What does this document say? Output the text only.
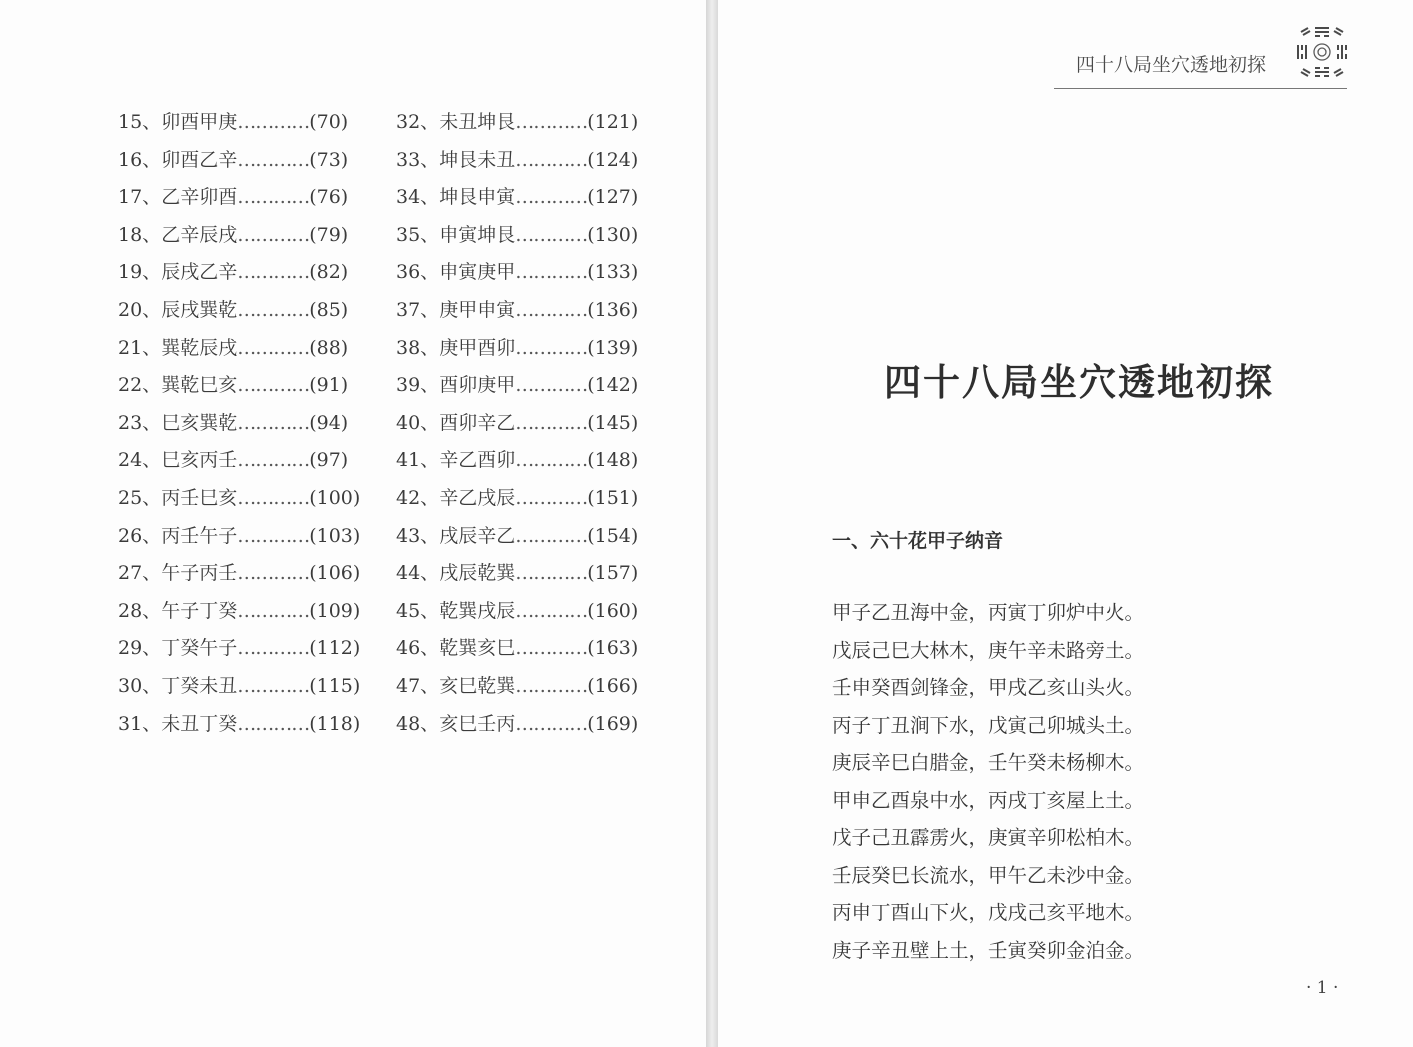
15、卯酉甲庚…………(70)
16、卯酉乙辛…………(73)
17、乙辛卯酉…………(76)
18、乙辛辰戌…………(79)
19、辰戌乙辛…………(82)
20、辰戌巽乾…………(85)
21、巽乾辰戌…………(88)
22、巽乾巳亥…………(91)
23、巳亥巽乾…………(94)
24、巳亥丙壬…………(97)
25、丙壬巳亥…………(100)
26、丙壬午子…………(103)
27、午子丙壬…………(106)
28、午子丁癸…………(109)
29、丁癸午子…………(112)
30、丁癸未丑…………(115)
31、未丑丁癸…………(118)
32、未丑坤艮…………(121)
33、坤艮未丑…………(124)
34、坤艮申寅…………(127)
35、申寅坤艮…………(130)
36、申寅庚甲…………(133)
37、庚甲申寅…………(136)
38、庚甲酉卯…………(139)
39、酉卯庚甲…………(142)
40、酉卯辛乙…………(145)
41、辛乙酉卯…………(148)
42、辛乙戌辰…………(151)
43、戌辰辛乙…………(154)
44、戌辰乾巽…………(157)
45、乾巽戌辰…………(160)
46、乾巽亥巳…………(163)
47、亥巳乾巽…………(166)
48、亥巳壬丙…………(169)
四十八局坐穴透地初探
四十八局坐穴透地初探
一、六十花甲子纳音
甲子乙丑海中金，丙寅丁卯炉中火。
戊辰己巳大林木，庚午辛未路旁土。
壬申癸酉剑锋金，甲戌乙亥山头火。
丙子丁丑涧下水，戊寅己卯城头土。
庚辰辛巳白腊金，壬午癸未杨柳木。
甲申乙酉泉中水，丙戌丁亥屋上土。
戊子己丑霹雳火，庚寅辛卯松柏木。
壬辰癸巳长流水，甲午乙未沙中金。
丙申丁酉山下火，戊戌己亥平地木。
庚子辛丑壁上土，壬寅癸卯金泊金。
· 1 ·
